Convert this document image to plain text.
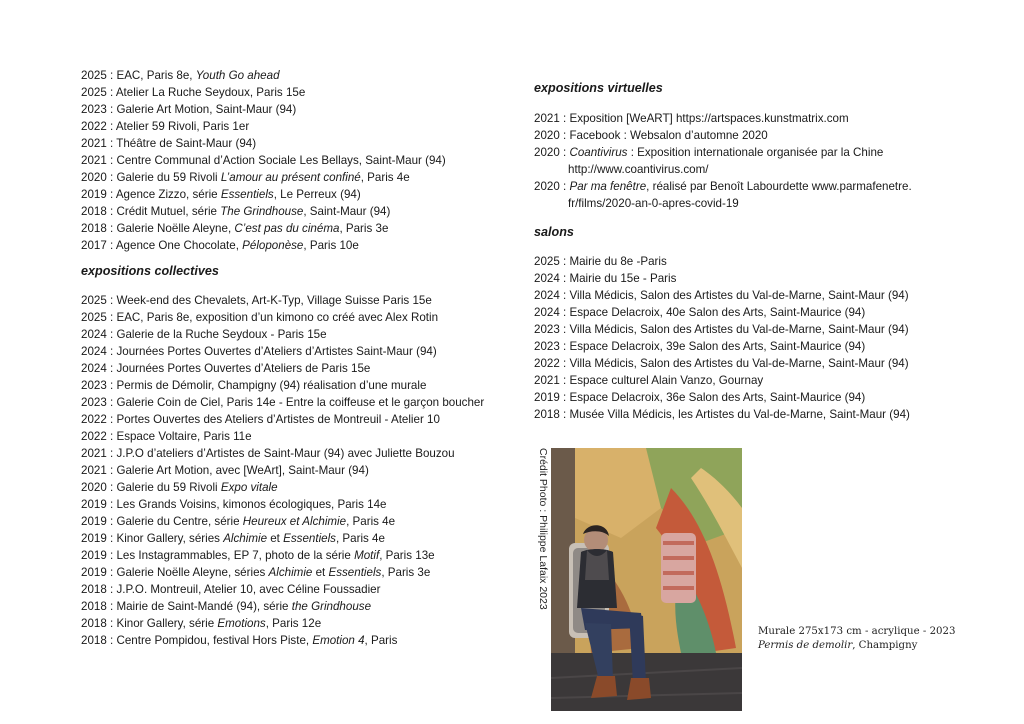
2025 : EAC, Paris 8e, Youth Go ahead

2025 : Atelier La Ruche Seydoux, Paris 15e

2023 : Galerie Art Motion, Saint-Maur (94)

2022 : Atelier 59 Rivoli, Paris 1er

2021 : Théâtre de Saint-Maur (94)

2021 : Centre Communal d’Action Sociale Les Bellays, Saint-Maur (94)

2020 : Galerie du 59 Rivoli L’amour au présent confiné, Paris 4e

2019 : Agence Zizzo, série Essentiels, Le Perreux (94)

2018 : Crédit Mutuel, série The Grindhouse, Saint-Maur (94)

2018 : Galerie Noëlle Aleyne, C’est pas du cinéma, Paris 3e

2017 : Agence One Chocolate, Péloponèse, Paris 10e

expositions collectives

2025 : Week-end des Chevalets, Art-K-Typ, Village Suisse Paris 15e

2025 : EAC, Paris 8e, exposition d’un kimono co créé avec Alex Rotin

2024 : Galerie de la Ruche Seydoux - Paris 15e

2024 : Journées Portes Ouvertes d’Ateliers d’Artistes Saint-Maur (94)

2024 : Journées Portes Ouvertes d’Ateliers de Paris 15e

2023 : Permis de Démolir, Champigny (94) réalisation d’une murale

2023 : Galerie Coin de Ciel, Paris 14e - Entre la coiffeuse et le garçon boucher

2022 : Portes Ouvertes des Ateliers d’Artistes de Montreuil - Atelier 10

2022 : Espace Voltaire, Paris 11e

2021 : J.P.O d’ateliers d’Artistes de Saint-Maur (94) avec Juliette Bouzou

2021 : Galerie Art Motion, avec [WeArt], Saint-Maur (94)

2020 : Galerie du 59 Rivoli Expo vitale

2019 : Les Grands Voisins, kimonos écologiques, Paris 14e

2019 : Galerie du Centre, série Heureux et Alchimie, Paris 4e

2019 : Kinor Gallery, séries Alchimie et Essentiels, Paris 4e

2019 : Les Instagrammables, EP 7, photo de la série Motif, Paris 13e

2019 : Galerie Noëlle Aleyne, séries Alchimie et Essentiels, Paris 3e

2018 : J.P.O. Montreuil, Atelier 10, avec Céline Foussadier

2018 : Mairie de Saint-Mandé (94), série the Grindhouse

2018 : Kinor Gallery, série Emotions, Paris 12e

2018 : Centre Pompidou, festival Hors Piste, Emotion 4, Paris

expositions virtuelles

2021 : Exposition [WeART] https://artspaces.kunstmatrix.com

2020 : Facebook : Websalon d’automne 2020

2020 : Coantivirus : Exposition internationale organisée par la Chine
http://www.coantivirus.com/

2020 : Par ma fenêtre, réalisé par Benoît Labourdette www.parmafenetre.
fr/films/2020-an-0-apres-covid-19

salons

2025 : Mairie du 8e -Paris

2024 : Mairie du 15e - Paris

2024 : Villa Médicis, Salon des Artistes du Val-de-Marne, Saint-Maur (94)

2024 : Espace Delacroix, 40e Salon des Arts, Saint-Maurice (94)

2023 : Villa Médicis, Salon des Artistes du Val-de-Marne, Saint-Maur (94)

2023 : Espace Delacroix, 39e Salon des Arts, Saint-Maurice (94)

2022 : Villa Médicis, Salon des Artistes du Val-de-Marne, Saint-Maur (94)

2021 : Espace culturel Alain Vanzo, Gournay

2019 : Espace Delacroix, 36e Salon des Arts, Saint-Maurice (94)

2018 : Musée Villa Médicis, les Artistes du Val-de-Marne, Saint-Maur (94)

Crédit Photo : Philippe Lafaix 2023
Murale 275x173 cm - acrylique - 2023
Permis de demolir, Champigny
